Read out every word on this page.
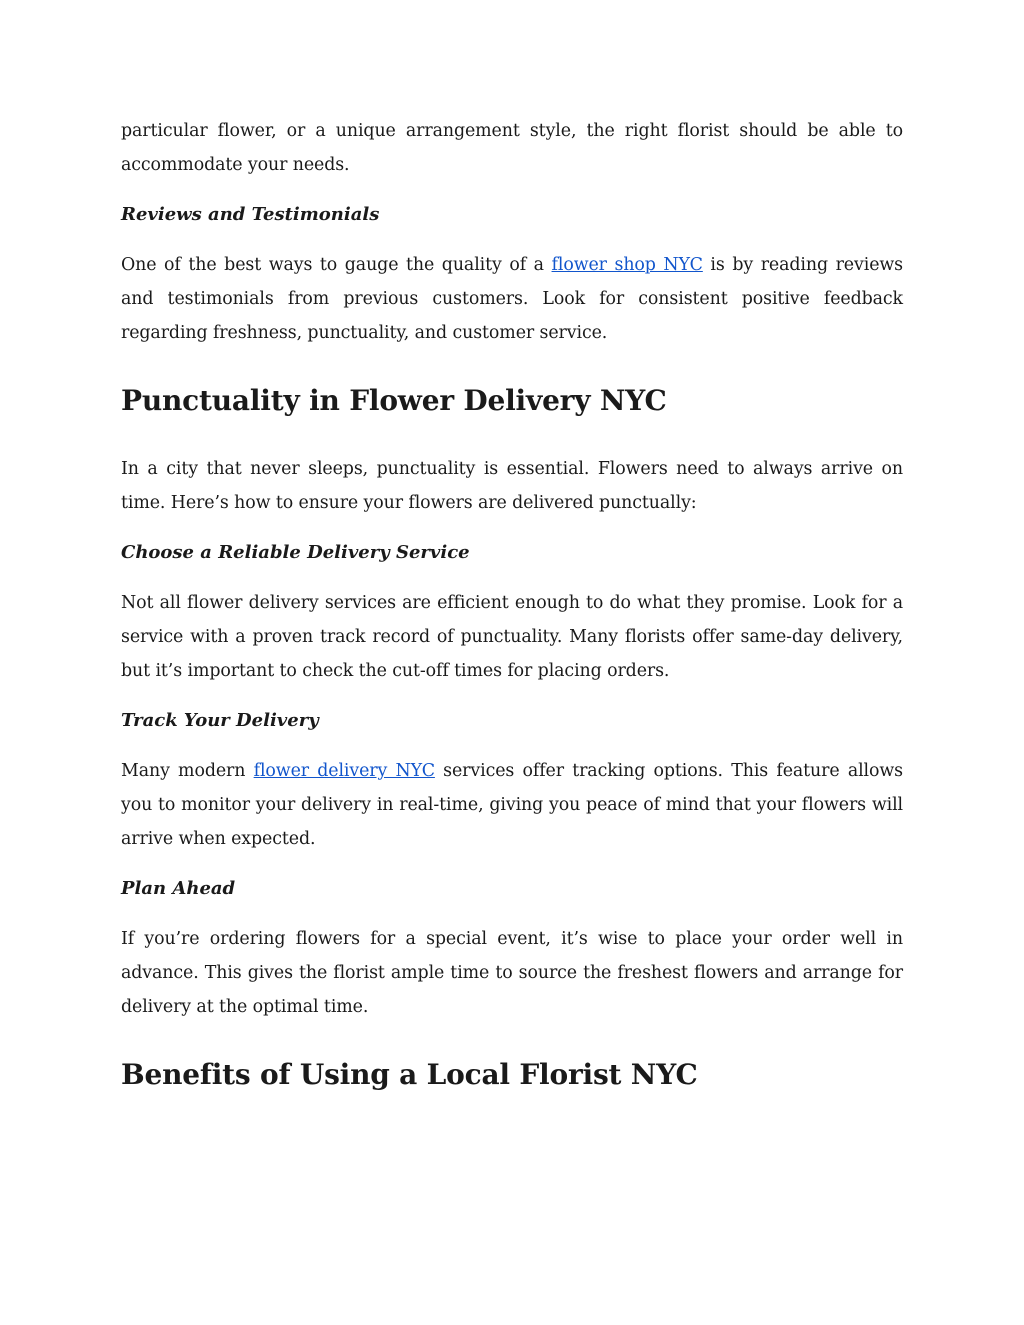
particular flower, or a unique arrangement style, the right florist should be able to accommodate your needs.

Reviews and Testimonials

One of the best ways to gauge the quality of a flower shop NYC is by reading reviews and testimonials from previous customers. Look for consistent positive feedback regarding freshness, punctuality, and customer service.

Punctuality in Flower Delivery NYC

In a city that never sleeps, punctuality is essential. Flowers need to always arrive on time. Here’s how to ensure your flowers are delivered punctually:

Choose a Reliable Delivery Service

Not all flower delivery services are efficient enough to do what they promise. Look for a service with a proven track record of punctuality. Many florists offer same-day delivery, but it’s important to check the cut-off times for placing orders.

Track Your Delivery

Many modern flower delivery NYC services offer tracking options. This feature allows you to monitor your delivery in real-time, giving you peace of mind that your flowers will arrive when expected.

Plan Ahead

If you’re ordering flowers for a special event, it’s wise to place your order well in advance. This gives the florist ample time to source the freshest flowers and arrange for delivery at the optimal time.

Benefits of Using a Local Florist NYC
